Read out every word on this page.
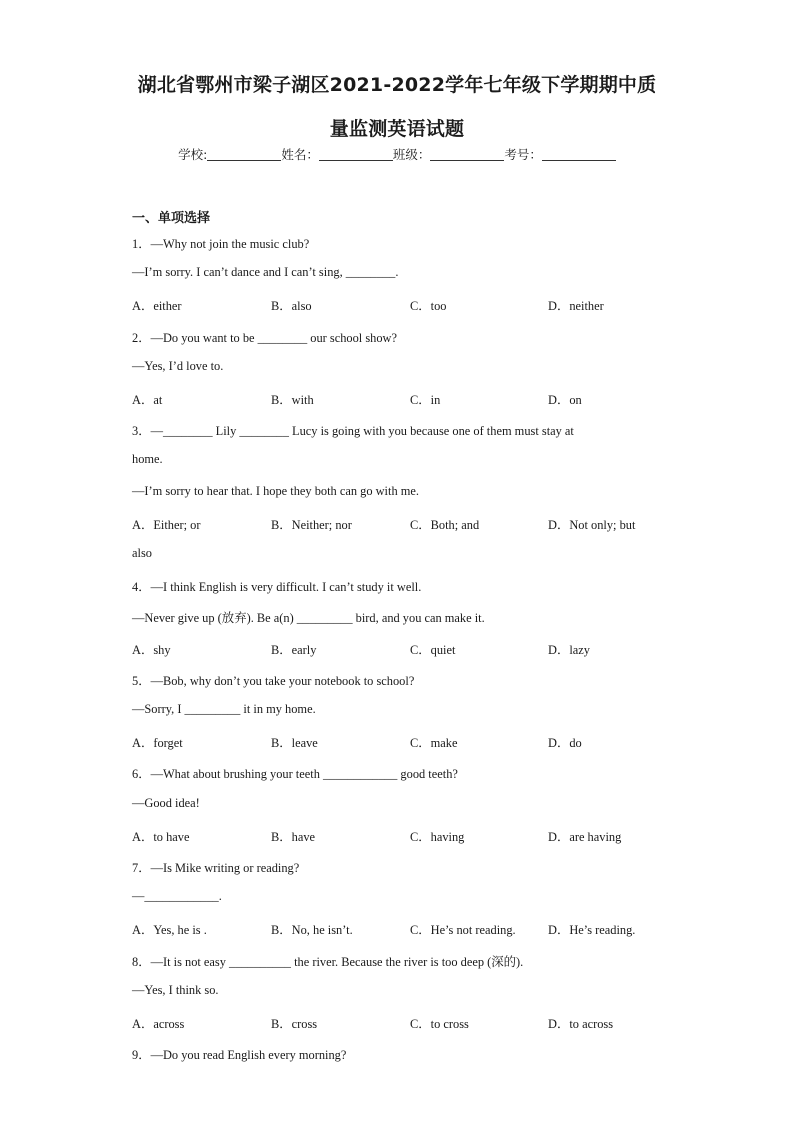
湖北省鄂州市梁子湖区2021-2022学年七年级下学期期中质
量监测英语试题
学校:	姓名：	班级：	考号：
一、单项选择
1．—Why not join the music club?
—I’m sorry. I can’t dance and I can’t sing, ________.
A．either	B．also	C．too	D．neither
2．—Do you want to be ________ our school show?
—Yes, I’d love to.
A．at	B．with	C．in	D．on
3．—________ Lily ________ Lucy is going with you because one of them must stay at
home.
—I’m sorry to hear that. I hope they both can go with me.
A．Either; or	B．Neither; nor	C．Both; and	D．Not only; but
also
4．—I think English is very difficult. I can’t study it well.
—Never give up (放弃). Be a(n) _________ bird, and you can make it.
A．shy	B．early	C．quiet	D．lazy
5．—Bob, why don’t you take your notebook to school?
—Sorry, I _________ it in my home.
A．forget	B．leave	C．make	D．do
6．—What about brushing your teeth ____________ good teeth?
—Good idea!
A．to have	B．have	C．having	D．are having
7．—Is Mike writing or reading?
—____________.
A．Yes, he is .	B．No, he isn’t.	C．He’s not reading.	D．He’s reading.
8．—It is not easy __________ the river. Because the river is too deep (深的).
—Yes, I think so.
A．across	B．cross	C．to cross	D．to across
9．—Do you read English every morning?
